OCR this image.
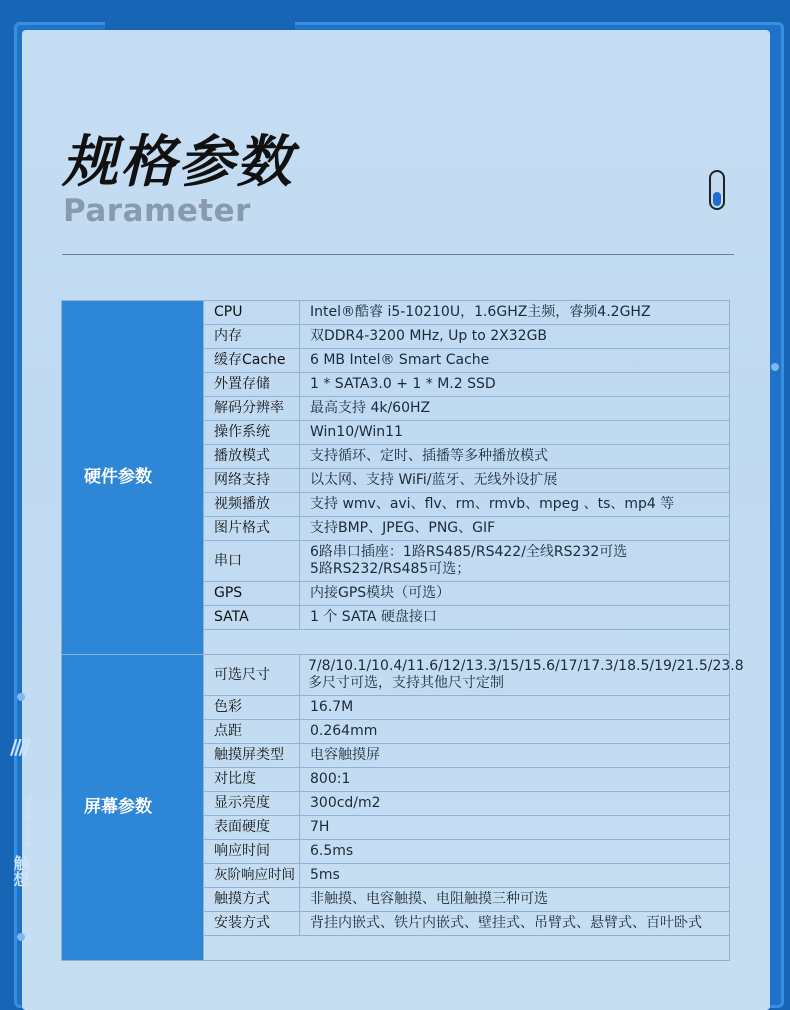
////
Touch think
触想
规格参数
Parameter
硬件参数	CPU	Intel®酷睿 i5-10210U，1.6GHZ主频，睿频4.2GHZ
	内存	双DDR4-3200 MHz, Up to 2X32GB
	缓存Cache	6 MB Intel® Smart Cache
	外置存储	1 * SATA3.0 + 1 * M.2 SSD
	解码分辨率	最高支持 4k/60HZ
	操作系统	Win10/Win11
	播放模式	支持循环、定时、插播等多种播放模式
	网络支持	以太网、支持 WiFi/蓝牙、无线外设扩展
	视频播放	支持 wmv、avi、flv、rm、rmvb、mpeg 、ts、mp4 等
	图片格式	支持BMP、JPEG、PNG、GIF
	串口	6路串口插座：1路RS485/RS422/全线RS232可选
5路RS232/RS485可选；

	GPS	内接GPS模块（可选）
	SATA	1 个 SATA 硬盘接口

屏幕参数	可选尺寸	7/8/10.1/10.4/11.6/12/13.3/15/15.6/17/17.3/18.5/19/21.5/23.8
多尺寸可选，支持其他尺寸定制

	色彩	16.7M
	点距	0.264mm
	触摸屏类型	电容触摸屏
	对比度	800:1
	显示亮度	300cd/m2
	表面硬度	7H
	响应时间	6.5ms
	灰阶响应时间	5ms
	触摸方式	非触摸、电容触摸、电阻触摸三种可选
	安装方式	背挂内嵌式、铁片内嵌式、壁挂式、吊臂式、悬臂式、百叶卧式
